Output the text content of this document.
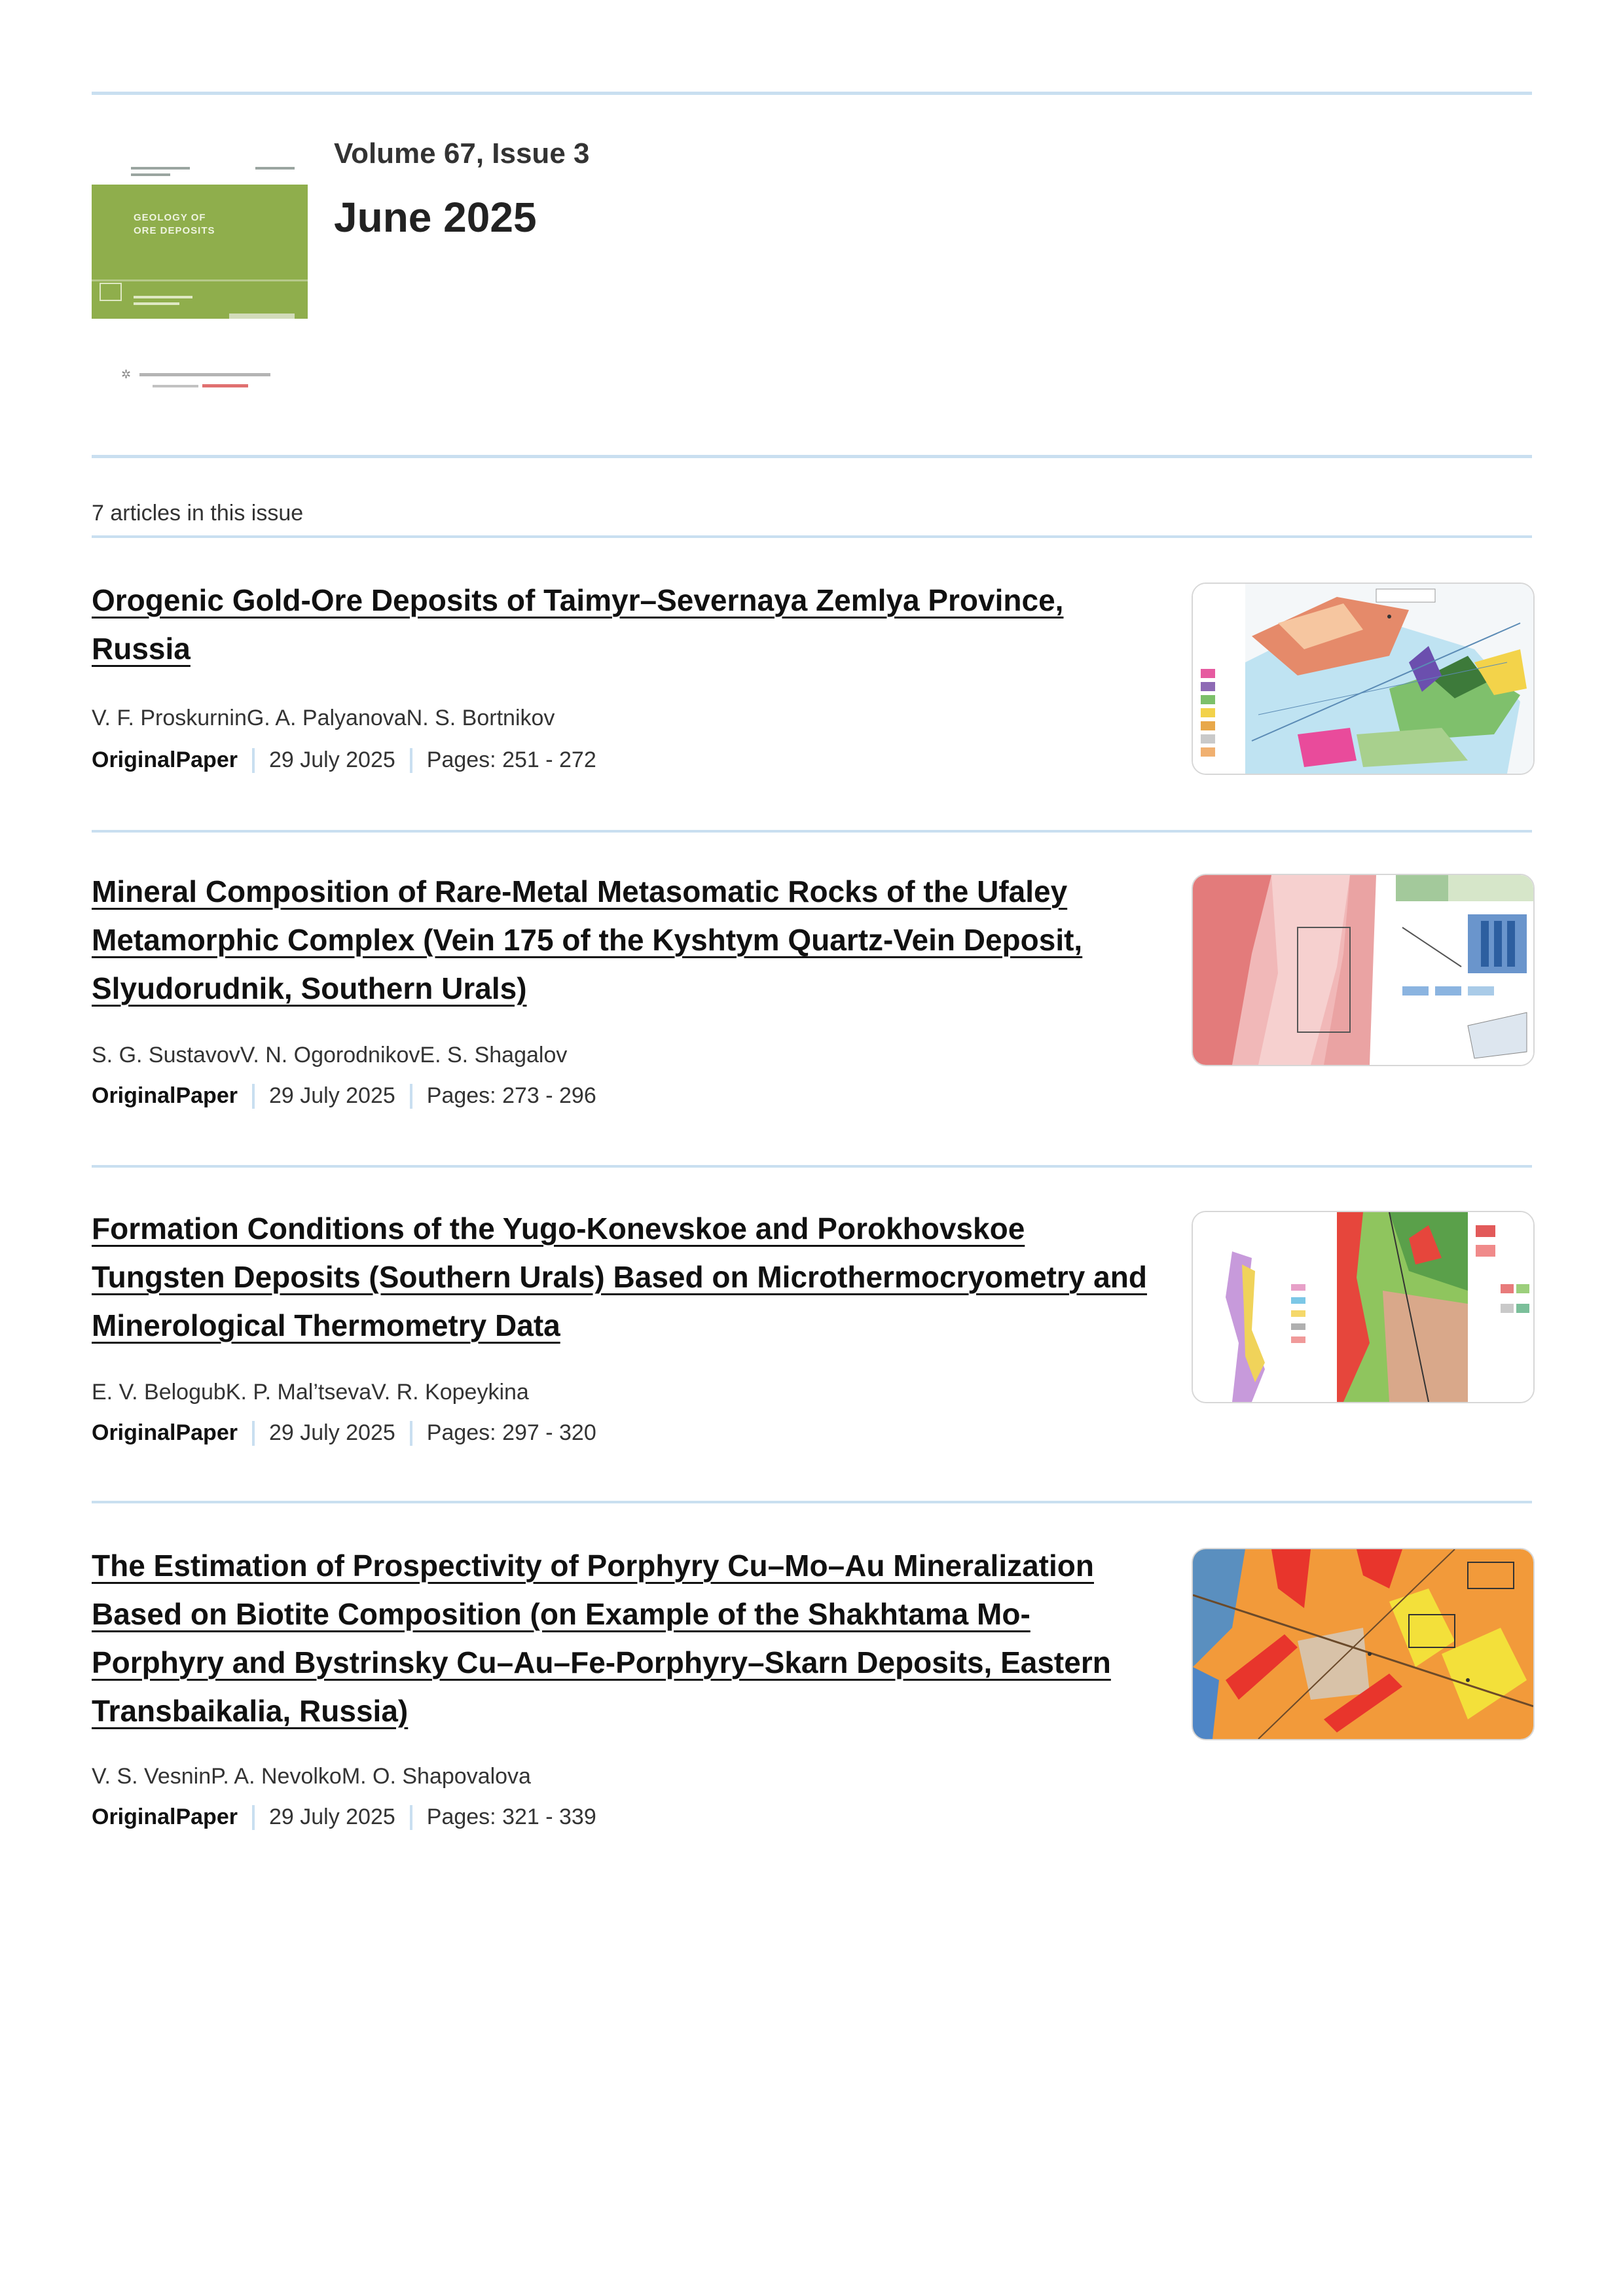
GEOLOGY OF
ORE DEPOSITS
✲
Volume 67, Issue 3
June 2025
7 articles in this issue
Orogenic Gold-Ore Deposits of Taimyr–Severnaya Zemlya Province, Russia
V. F. ProskurninG. A. PalyanovaN. S. Bortnikov
OriginalPaper 29 July 2025 Pages: 251 - 272
Mineral Composition of Rare-Metal Metasomatic Rocks of the Ufaley Metamorphic Complex (Vein 175 of the Kyshtym Quartz-Vein Deposit, Slyudorudnik, Southern Urals)
S. G. SustavovV. N. OgorodnikovE. S. Shagalov
OriginalPaper 29 July 2025 Pages: 273 - 296
Formation Conditions of the Yugo-Konevskoe and Porokhovskoe Tungsten Deposits (Southern Urals) Based on Microthermocryometry and Minerological Thermometry Data
E. V. BelogubK. P. Mal’tsevaV. R. Kopeykina
OriginalPaper 29 July 2025 Pages: 297 - 320
The Estimation of Prospectivity of Porphyry Cu–Mo–Au Mineralization Based on Biotite Composition (on Example of the Shakhtama Mo-Porphyry and Bystrinsky Cu–Au–Fe-Porphyry–Skarn Deposits, Eastern Transbaikalia, Russia)
V. S. VesninP. A. NevolkoM. O. Shapovalova
OriginalPaper 29 July 2025 Pages: 321 - 339
